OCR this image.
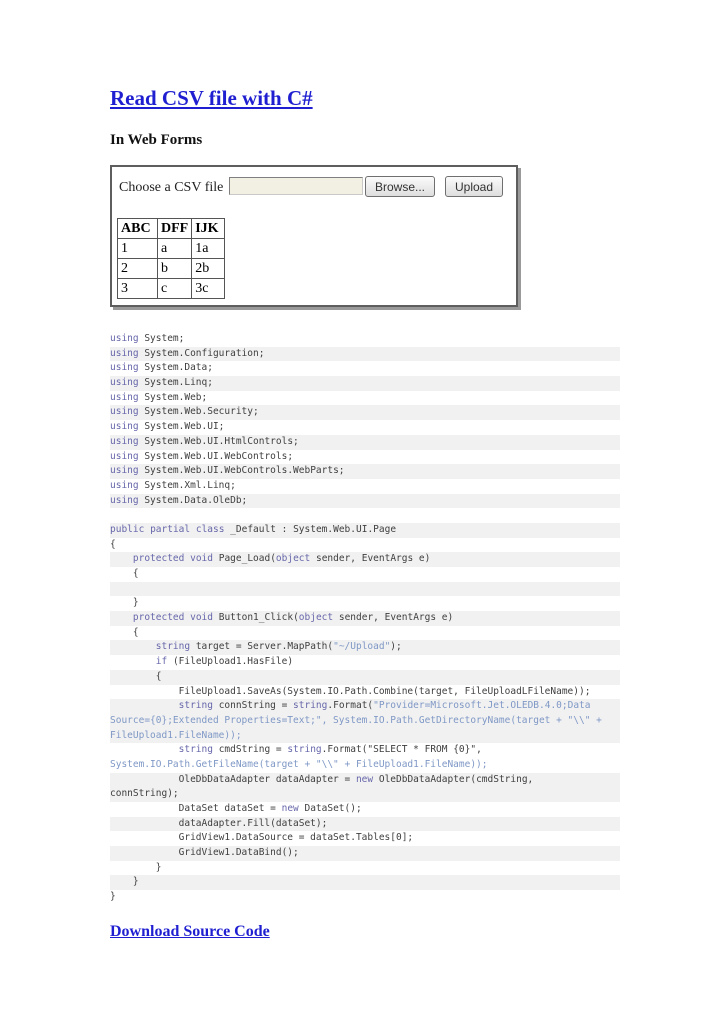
Read CSV file with C#
In Web Forms
Choose a CSV file	Browse...	Upload
ABC	DFF	IJK
1	a	1a
2	b	2b
3	c	3c
using System;
using System.Configuration;
using System.Data;
using System.Linq;
using System.Web;
using System.Web.Security;
using System.Web.UI;
using System.Web.UI.HtmlControls;
using System.Web.UI.WebControls;
using System.Web.UI.WebControls.WebParts;
using System.Xml.Linq;
using System.Data.OleDb;
public partial class _Default : System.Web.UI.Page
{
protected void Page_Load(object sender, EventArgs e)
{
}
protected void Button1_Click(object sender, EventArgs e)
{
string target = Server.MapPath("~/Upload");
if (FileUpload1.HasFile)
{
FileUpload1.SaveAs(System.IO.Path.Combine(target, FileUploadLFileName));
string connString = string.Format("Provider=Microsoft.Jet.OLEDB.4.0;Data
Source={0};Extended Properties=Text;", System.IO.Path.GetDirectoryName(target + "\\" +
FileUpload1.FileName));
string cmdString = string.Format("SELECT * FROM {0}",
System.IO.Path.GetFileName(target + "\\" + FileUpload1.FileName));
OleDbDataAdapter dataAdapter = new OleDbDataAdapter(cmdString,
connString);
DataSet dataSet = new DataSet();
dataAdapter.Fill(dataSet);
GridView1.DataSource = dataSet.Tables[0];
GridView1.DataBind();
}
}
}
Download Source Code
